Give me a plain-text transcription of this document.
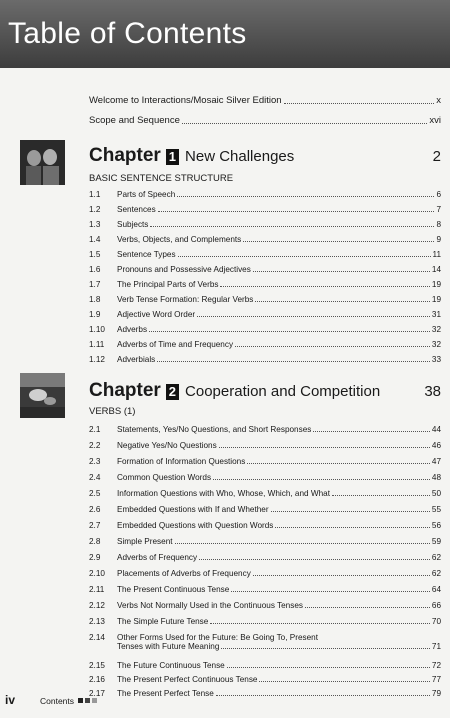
Table of Contents
Welcome to Interactions/Mosaic Silver Edition	x
Scope and Sequence	xvi
Chapter 1 New Challenges	2
BASIC SENTENCE STRUCTURE
1.1	Parts of Speech	6
1.2	Sentences	7
1.3	Subjects	8
1.4	Verbs, Objects, and Complements	9
1.5	Sentence Types	11
1.6	Pronouns and Possessive Adjectives	14
1.7	The Principal Parts of Verbs	19
1.8	Verb Tense Formation: Regular Verbs	19
1.9	Adjective Word Order	31
1.10	Adverbs	32
1.11	Adverbs of Time and Frequency	32
1.12	Adverbials	33
Chapter 2 Cooperation and Competition	38
VERBS (1)
2.1	Statements, Yes/No Questions, and Short Responses	44
2.2	Negative Yes/No Questions	46
2.3	Formation of Information Questions	47
2.4	Common Question Words	48
2.5	Information Questions with Who, Whose, Which, and What	50
2.6	Embedded Questions with If and Whether	55
2.7	Embedded Questions with Question Words	56
2.8	Simple Present	59
2.9	Adverbs of Frequency	62
2.10	Placements of Adverbs of Frequency	62
2.11	The Present Continuous Tense	64
2.12	Verbs Not Normally Used in the Continuous Tenses	66
2.13	The Simple Future Tense	70
2.14	Other Forms Used for the Future: Be Going To, Present
Tenses with Future Meaning	71
2.15	The Future Continuous Tense	72
2.16	The Present Perfect Continuous Tense	77
2.17	The Present Perfect Tense	79
iv	Contents
